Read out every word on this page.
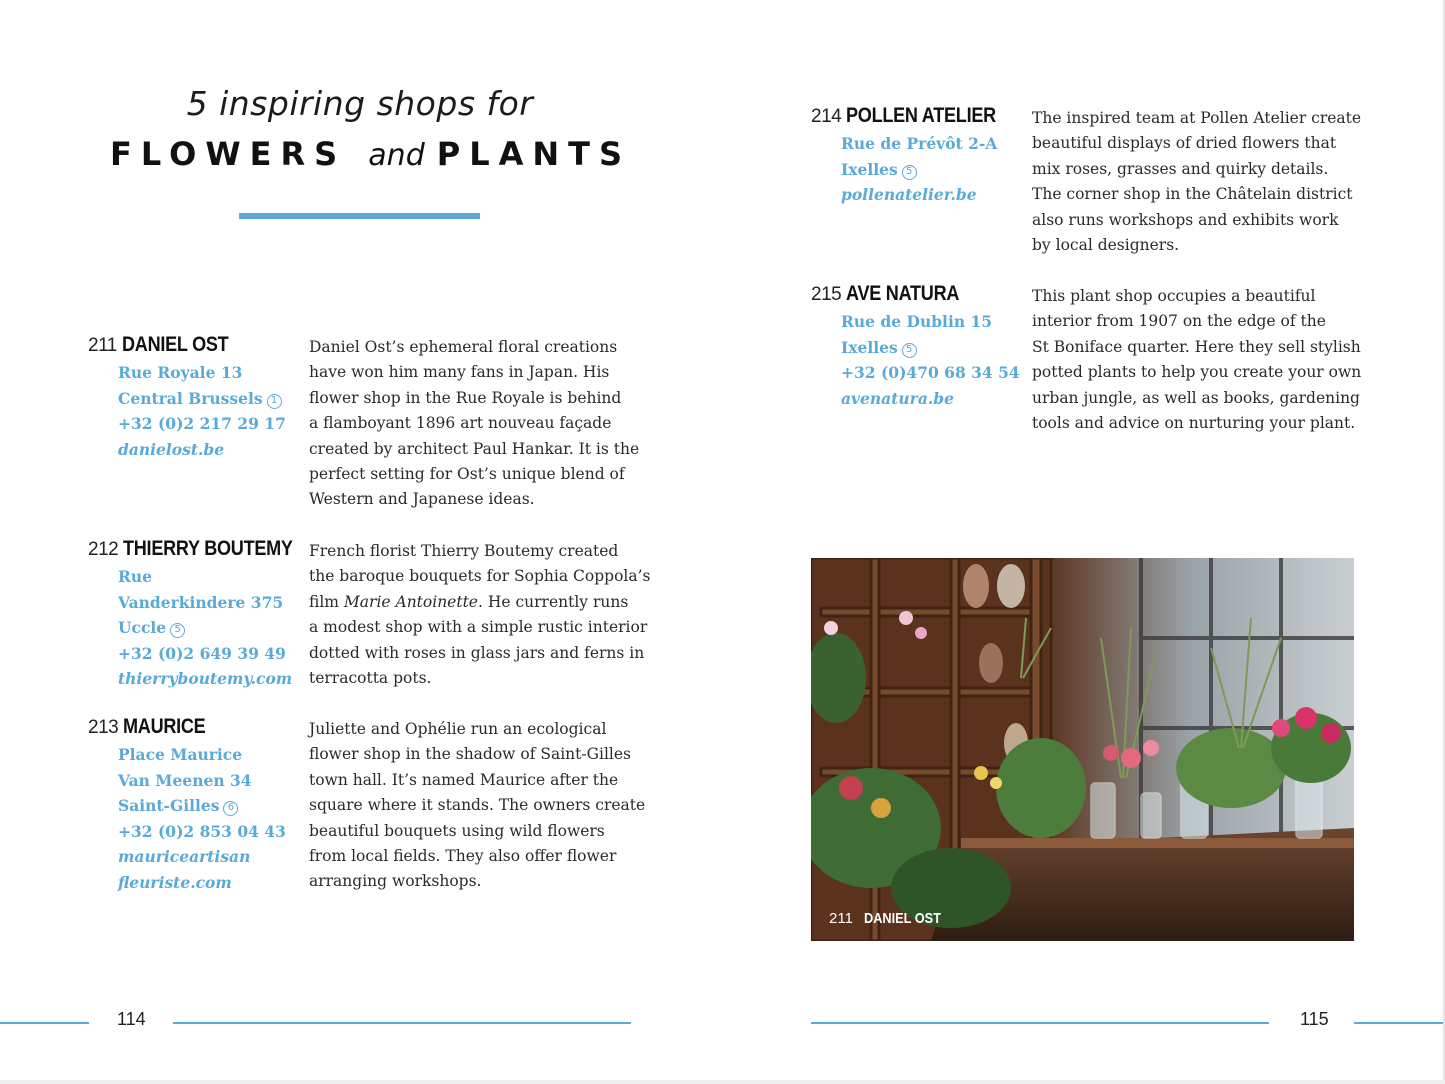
5 inspiring shops for
FLOWERS and PLANTS
211 DANIEL OST
Rue Royale 13
Central Brussels 1
+32 (0)2 217 29 17
danielost.be
Daniel Ost’s ephemeral floral creations
have won him many fans in Japan. His
flower shop in the Rue Royale is behind
a flamboyant 1896 art nouveau façade
created by architect Paul Hankar. It is the
perfect setting for Ost’s unique blend of
Western and Japanese ideas.
212 THIERRY BOUTEMY
Rue
Vanderkindere 375
Uccle 5
+32 (0)2 649 39 49
thierryboutemy.com
French florist Thierry Boutemy created
the baroque bouquets for Sophia Coppola’s
film Marie Antoinette. He currently runs
a modest shop with a simple rustic interior
dotted with roses in glass jars and ferns in
terracotta pots.
213 MAURICE
Place Maurice
Van Meenen 34
Saint-Gilles 6
+32 (0)2 853 04 43
mauriceartisan
fleuriste.com
Juliette and Ophélie run an ecological
flower shop in the shadow of Saint-Gilles
town hall. It’s named Maurice after the
square where it stands. The owners create
beautiful bouquets using wild flowers
from local fields. They also offer flower
arranging workshops.
214 POLLEN ATELIER
Rue de Prévôt 2-A
Ixelles 5
pollenatelier.be
The inspired team at Pollen Atelier create
beautiful displays of dried flowers that
mix roses, grasses and quirky details.
The corner shop in the Châtelain district
also runs workshops and exhibits work
by local designers.
215 AVE NATURA
Rue de Dublin 15
Ixelles 5
+32 (0)470 68 34 54
avenatura.be
This plant shop occupies a beautiful
interior from 1907 on the edge of the
St Boniface quarter. Here they sell stylish
potted plants to help you create your own
urban jungle, as well as books, gardening
tools and advice on nurturing your plant.
211 DANIEL OST
114	115
